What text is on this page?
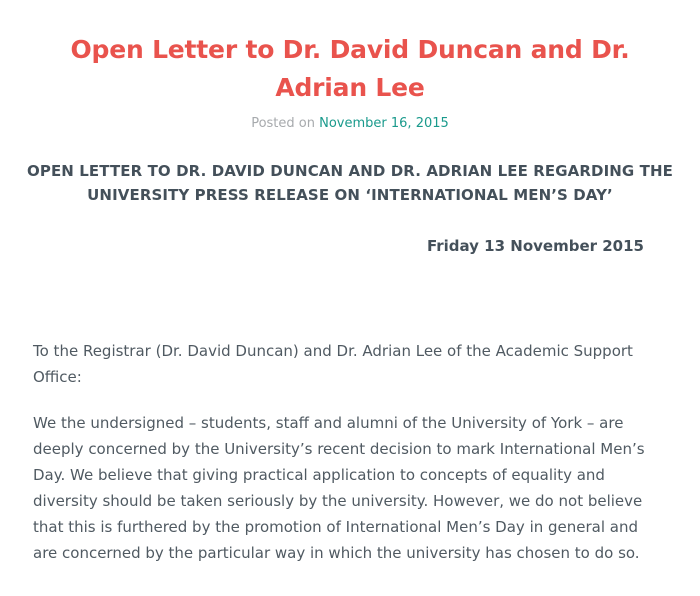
Open Letter to Dr. David Duncan and Dr. Adrian Lee
Posted on November 16, 2015
OPEN LETTER TO DR. DAVID DUNCAN AND DR. ADRIAN LEE REGARDING THE UNIVERSITY PRESS RELEASE ON ‘INTERNATIONAL MEN’S DAY’
Friday 13 November 2015

To the Registrar (Dr. David Duncan) and Dr. Adrian Lee of the Academic Support Office:

We the undersigned – students, staff and alumni of the University of York – are deeply concerned by the University’s recent decision to mark International Men’s Day. We believe that giving practical application to concepts of equality and diversity should be taken seriously by the university. However, we do not believe that this is furthered by the promotion of International Men’s Day in general and are concerned by the particular way in which the university has chosen to do so.
